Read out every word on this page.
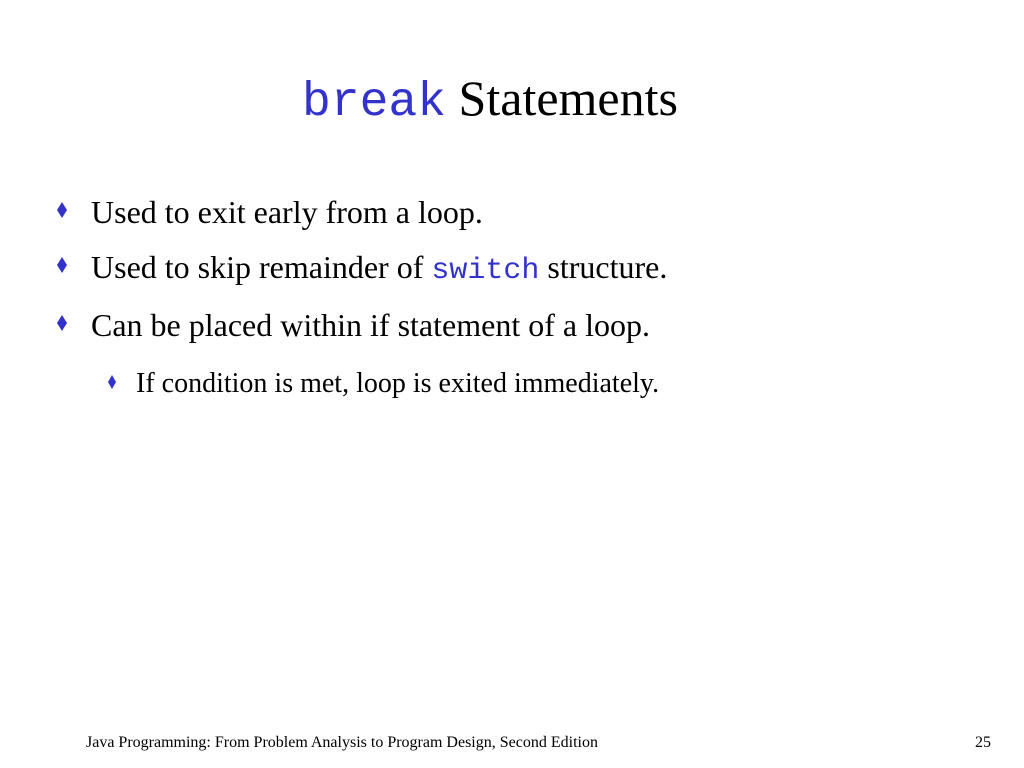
break Statements
Used to exit early from a loop.
Used to skip remainder of switch structure.
Can be placed within if statement of a loop.
If condition is met, loop is exited immediately.
Java Programming: From Problem Analysis to Program Design, Second Edition	25
